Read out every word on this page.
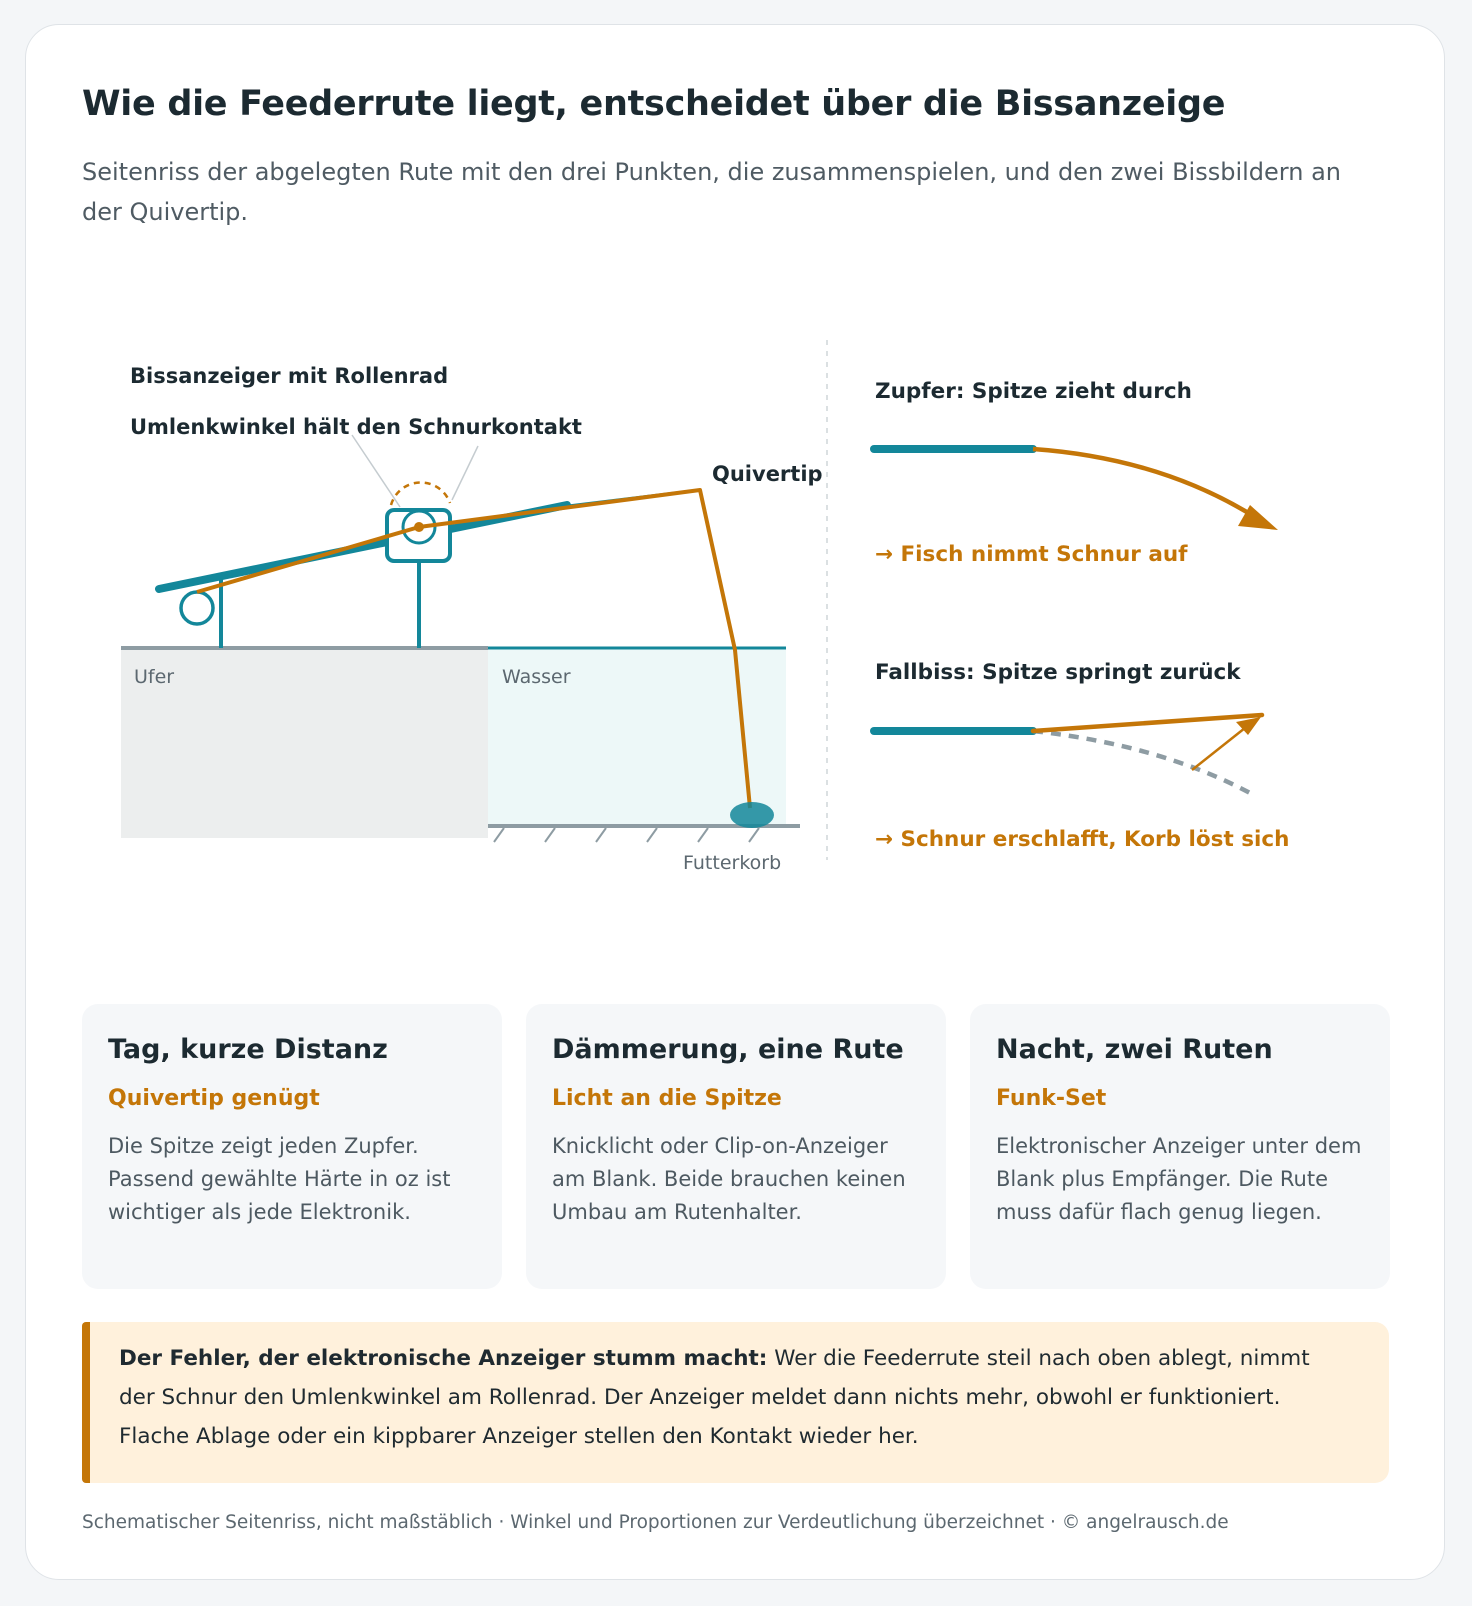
Wie die Feederrute liegt, entscheidet über die Bissanzeige

Seitenriss der abgelegten Rute mit den drei Punkten, die zusammenspielen, und den zwei Bissbildern an der Quivertip.

Bissanzeiger mit Rollenrad
Umlenkwinkel hält den Schnurkontakt
Quivertip
Ufer	Wasser
Futterkorb
Zupfer: Spitze zieht durch
→ Fisch nimmt Schnur auf
Fallbiss: Spitze springt zurück
→ Schnur erschlafft, Korb löst sich
Tag, kurze Distanz

Quivertip genügt

Die Spitze zeigt jeden Zupfer. Passend gewählte Härte in oz ist wichtiger als jede Elektronik.

Dämmerung, eine Rute

Licht an die Spitze

Knicklicht oder Clip-on-Anzeiger am Blank. Beide brauchen keinen Umbau am Rutenhalter.

Nacht, zwei Ruten

Funk-Set

Elektronischer Anzeiger unter dem Blank plus Empfänger. Die Rute muss dafür flach genug liegen.

Der Fehler, der elektronische Anzeiger stumm macht: Wer die Feederrute steil nach oben ablegt, nimmt der Schnur den Umlenkwinkel am Rollenrad. Der Anzeiger meldet dann nichts mehr, obwohl er funktioniert. Flache Ablage oder ein kippbarer Anzeiger stellen den Kontakt wieder her.

Schematischer Seitenriss, nicht maßstäblich · Winkel und Proportionen zur Verdeutlichung überzeichnet · © angelrausch.de
